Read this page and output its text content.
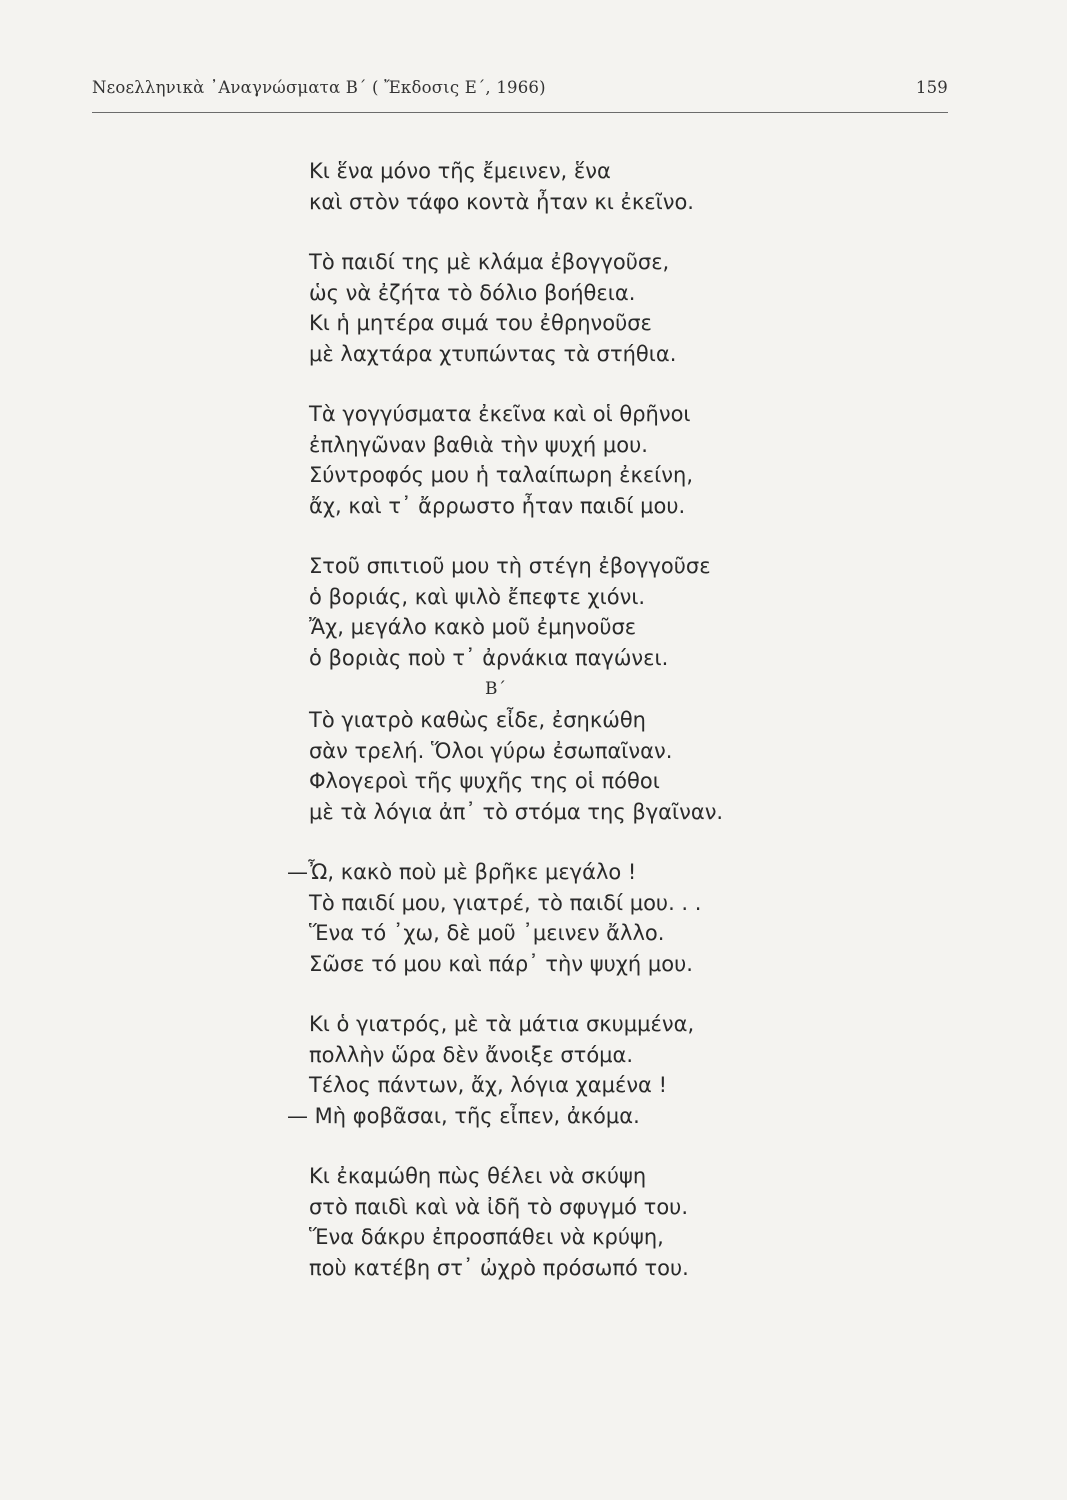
Νεοελληνικὰ ᾿Αναγνώσματα Β΄ ( Ἔκδοσις Ε΄, 1966)	159
Κι ἕνα μόνο τῆς ἔμεινεν, ἕνα
καὶ στὸν τάφο κοντὰ ἦταν κι ἐκεῖνο.
Τὸ παιδί της μὲ κλάμα ἐβογγοῦσε,
ὡς νὰ ἐζήτα τὸ δόλιο βοήθεια.
Κι ἡ μητέρα σιμά του ἐθρηνοῦσε
μὲ λαχτάρα χτυπώντας τὰ στήθια.
Τὰ γογγύσματα ἐκεῖνα καὶ οἱ θρῆνοι
ἐπληγῶναν βαθιὰ τὴν ψυχή μου.
Σύντροφός μου ἡ ταλαίπωρη ἐκείνη,
ἄχ, καὶ τ᾿ ἄρρωστο ἦταν παιδί μου.
Στοῦ σπιτιοῦ μου τὴ στέγη ἐβογγοῦσε
ὁ βοριάς, καὶ ψιλὸ ἔπεφτε χιόνι.
Ἄχ, μεγάλο κακὸ μοῦ ἐμηνοῦσε
ὁ βοριὰς ποὺ τ᾿ ἀρνάκια παγώνει.
Β΄
Τὸ γιατρὸ καθὼς εἶδε, ἐσηκώθη
σὰν τρελή. Ὅλοι γύρω ἐσωπαῖναν.
Φλογεροὶ τῆς ψυχῆς της οἱ πόθοι
μὲ τὰ λόγια ἀπ᾿ τὸ στόμα της βγαῖναν.
—Ὦ, κακὸ ποὺ μὲ βρῆκε μεγάλο !
Τὸ παιδί μου, γιατρέ, τὸ παιδί μου. . .
Ἕνα τό ᾿χω, δὲ μοῦ ᾿μεινεν ἄλλο.
Σῶσε τό μου καὶ πάρ᾿ τὴν ψυχή μου.
Κι ὁ γιατρός, μὲ τὰ μάτια σκυμμένα,
πολλὴν ὥρα δὲν ἄνοιξε στόμα.
Τέλος πάντων, ἄχ, λόγια χαμένα !
— Μὴ φοβᾶσαι, τῆς εἶπεν, ἀκόμα.
Κι ἐκαμώθη πὼς θέλει νὰ σκύψη
στὸ παιδὶ καὶ νὰ ἰδῆ τὸ σφυγμό του.
Ἕνα δάκρυ ἐπροσπάθει νὰ κρύψη,
ποὺ κατέβη στ᾿ ὠχρὸ πρόσωπό του.
